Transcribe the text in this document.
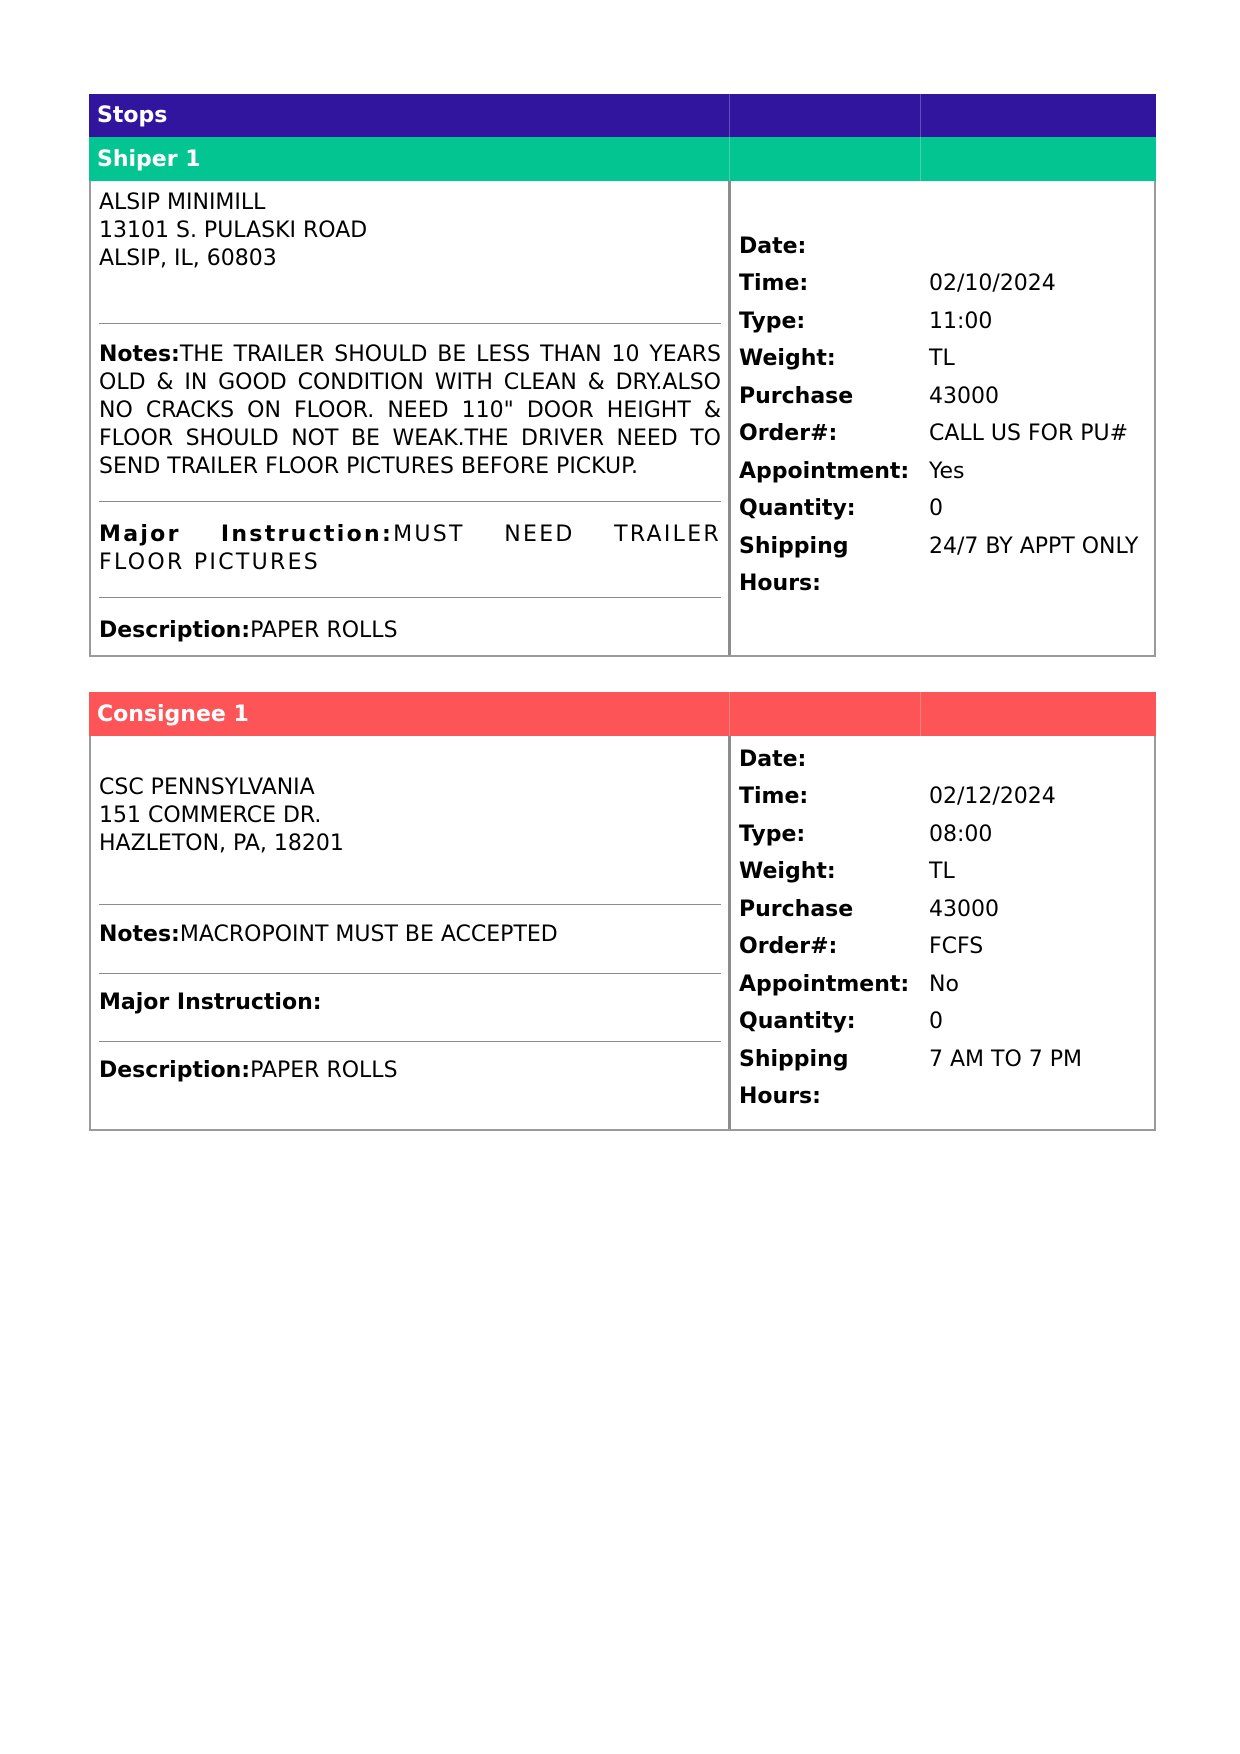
Stops
Shiper 1
ALSIP MINIMILL
13101 S. PULASKI ROAD
ALSIP, IL, 60803
Notes:THE TRAILER SHOULD BE LESS THAN 10 YEARS OLD & IN GOOD CONDITION WITH CLEAN & DRY.ALSO NO CRACKS ON FLOOR. NEED 110" DOOR HEIGHT & FLOOR SHOULD NOT BE WEAK.THE DRIVER NEED TO SEND TRAILER FLOOR PICTURES BEFORE PICKUP.
Major Instruction:MUST NEED TRAILER FLOOR PICTURES
Description:PAPER ROLLS
Date:
Time:
Type:
Weight:
Purchase
Order#:
Appointment:
Quantity:
Shipping
Hours:
02/10/2024
11:00
TL
43000
CALL US FOR PU#
Yes
0
24/7 BY APPT ONLY
Consignee 1
CSC PENNSYLVANIA
151 COMMERCE DR.
HAZLETON, PA, 18201
Notes:MACROPOINT MUST BE ACCEPTED
Major Instruction:
Description:PAPER ROLLS
Date:
Time:
Type:
Weight:
Purchase
Order#:
Appointment:
Quantity:
Shipping
Hours:
02/12/2024
08:00
TL
43000
FCFS
No
0
7 AM TO 7 PM
